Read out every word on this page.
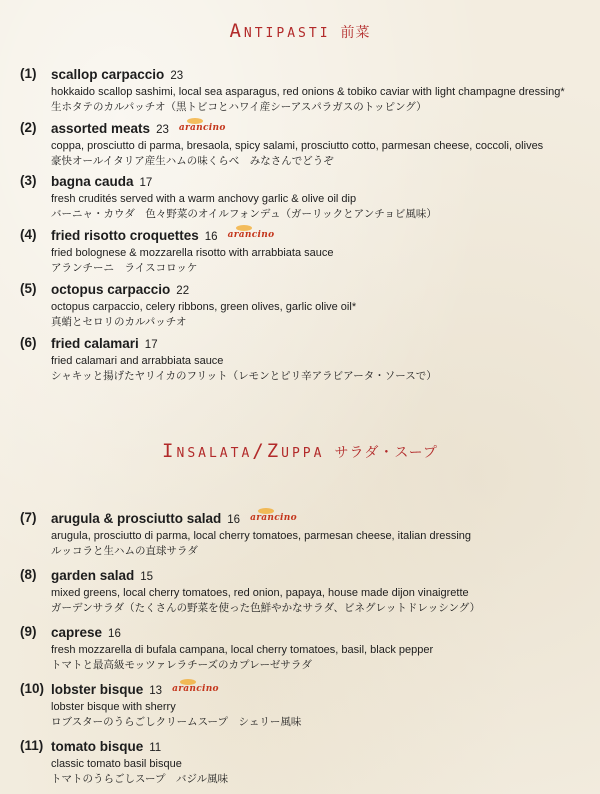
Antipasti 前菜
Insalata/Zuppa サラダ・スープ
(1) scallop carpaccio 23
hokkaido scallop sashimi, local sea asparagus, red onions & tobiko caviar with light champagne dressing*
生ホタテのカルパッチオ（黒トビコとハワイ産シーアスパラガスのトッピング）
(2) assorted meats 23 arancino
coppa, prosciutto di parma, bresaola, spicy salami, prosciutto cotto, parmesan cheese, coccoli, olives
豪快オールイタリア産生ハムの味くらべ　みなさんでどうぞ
(3) bagna cauda 17
fresh crudités served with a warm anchovy garlic & olive oil dip
バーニャ・カウダ　色々野菜のオイルフォンデュ（ガーリックとアンチョビ風味）
(4) fried risotto croquettes 16 arancino
fried bolognese & mozzarella risotto with arrabbiata sauce
アランチーニ　ライスコロッケ
(5) octopus carpaccio 22
octopus carpaccio, celery ribbons, green olives, garlic olive oil*
真蛸とセロリのカルパッチオ
(6) fried calamari 17
fried calamari and arrabbiata sauce
シャキッと揚げたヤリイカのフリット（レモンとピリ辛アラビアータ・ソースで）
(7) arugula & prosciutto salad 16 arancino
arugula, prosciutto di parma, local cherry tomatoes, parmesan cheese, italian dressing
ルッコラと生ハムの直球サラダ
(8) garden salad 15
mixed greens, local cherry tomatoes, red onion, papaya, house made dijon vinaigrette
ガーデンサラダ（たくさんの野菜を使った色鮮やかなサラダ、ビネグレットドレッシング）
(9) caprese 16
fresh mozzarella di bufala campana, local cherry tomatoes, basil, black pepper
トマトと最高級モッツァレラチーズのカプレーゼサラダ
(10) lobster bisque 13 arancino
lobster bisque with sherry
ロブスターのうらごしクリームスープ　シェリー風味
(11) tomato bisque 11
classic tomato basil bisque
トマトのうらごしスープ　バジル風味
